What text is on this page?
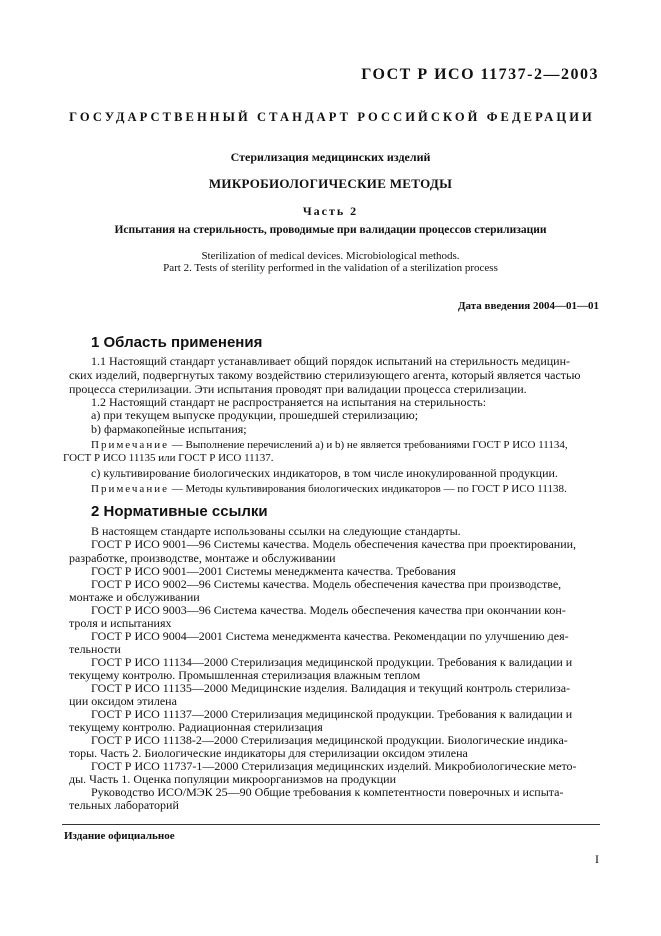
ГОСТ Р ИСО 11737-2—2003
ГОСУДАРСТВЕННЫЙ СТАНДАРТ РОССИЙСКОЙ ФЕДЕРАЦИИ
Стерилизация медицинских изделий
МИКРОБИОЛОГИЧЕСКИЕ МЕТОДЫ
Часть 2
Испытания на стерильность, проводимые при валидации процессов стерилизации
Sterilization of medical devices. Microbiological methods.
Part 2. Tests of sterility performed in the validation of a sterilization process
Дата введения 2004—01—01
1 Область применения
1.1 Настоящий стандарт устанавливает общий порядок испытаний на стерильность медицин-
ских изделий, подвергнутых такому воздействию стерилизующего агента, который является частью
процесса стерилизации. Эти испытания проводят при валидации процесса стерилизации.
1.2 Настоящий стандарт не распространяется на испытания на стерильность:
а) при текущем выпуске продукции, прошедшей стерилизацию;
b) фармакопейные испытания;
Примечание — Выполнение перечислений а) и b) не является требованиями ГОСТ Р ИСО 11134,
ГОСТ Р ИСО 11135 или ГОСТ Р ИСО 11137.
с) культивирование биологических индикаторов, в том числе инокулированной продукции.
Примечание — Методы культивирования биологических индикаторов — по ГОСТ Р ИСО 11138.
2 Нормативные ссылки
В настоящем стандарте использованы ссылки на следующие стандарты.
ГОСТ Р ИСО 9001—96 Системы качества. Модель обеспечения качества при проектировании,
разработке, производстве, монтаже и обслуживании
ГОСТ Р ИСО 9001—2001 Системы менеджмента качества. Требования
ГОСТ Р ИСО 9002—96 Системы качества. Модель обеспечения качества при производстве,
монтаже и обслуживании
ГОСТ Р ИСО 9003—96 Система качества. Модель обеспечения качества при окончании кон-
троля и испытаниях
ГОСТ Р ИСО 9004—2001 Система менеджмента качества. Рекомендации по улучшению дея-
тельности
ГОСТ Р ИСО 11134—2000 Стерилизация медицинской продукции. Требования к валидации и
текущему контролю. Промышленная стерилизация влажным теплом
ГОСТ Р ИСО 11135—2000 Медицинские изделия. Валидация и текущий контроль стерилиза-
ции оксидом этилена
ГОСТ Р ИСО 11137—2000 Стерилизация медицинской продукции. Требования к валидации и
текущему контролю. Радиационная стерилизация
ГОСТ Р ИСО 11138-2—2000 Стерилизация медицинской продукции. Биологические индика-
торы. Часть 2. Биологические индикаторы для стерилизации оксидом этилена
ГОСТ Р ИСО 11737-1—2000 Стерилизация медицинских изделий. Микробиологические мето-
ды. Часть 1. Оценка популяции микроорганизмов на продукции
Руководство ИСО/МЭК 25—90 Общие требования к компетентности поверочных и испыта-
тельных лабораторий
Издание официальное
I
